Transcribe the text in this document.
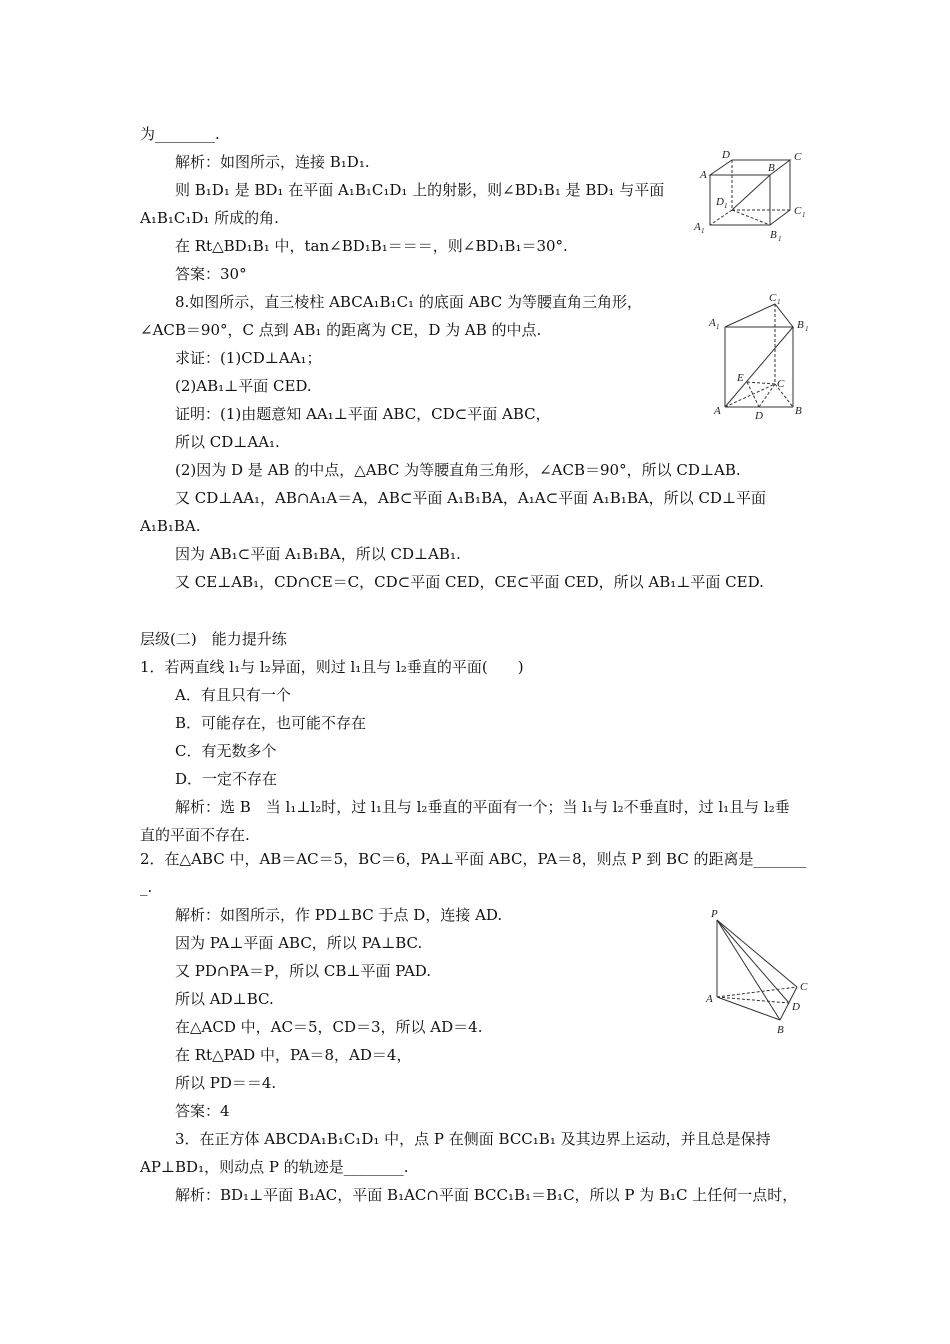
为________.
解析：如图所示，连接 B₁D₁.
则 B₁D₁ 是 BD₁ 在平面 A₁B₁C₁D₁ 上的射影，则∠BD₁B₁ 是 BD₁ 与平面
A₁B₁C₁D₁ 所成的角.
在 Rt△BD₁B₁ 中，tan∠BD₁B₁＝＝＝，则∠BD₁B₁＝30°.
答案：30°
8.如图所示，直三棱柱 ABCA₁B₁C₁ 的底面 ABC 为等腰直角三角形，
∠ACB＝90°，C 点到 AB₁ 的距离为 CE，D 为 AB 的中点.
求证：(1)CD⊥AA₁；
(2)AB₁⊥平面 CED.
证明：(1)由题意知 AA₁⊥平面 ABC，CD⊂平面 ABC，
所以 CD⊥AA₁.
(2)因为 D 是 AB 的中点，△ABC 为等腰直角三角形，∠ACB＝90°，所以 CD⊥AB.
又 CD⊥AA₁，AB∩A₁A＝A，AB⊂平面 A₁B₁BA，A₁A⊂平面 A₁B₁BA，所以 CD⊥平面
A₁B₁BA.
因为 AB₁⊂平面 A₁B₁BA，所以 CD⊥AB₁.
又 CE⊥AB₁，CD∩CE＝C，CD⊂平面 CED，CE⊂平面 CED，所以 AB₁⊥平面 CED.
层级(二)　能力提升练
1．若两直线 l₁与 l₂异面，则过 l₁且与 l₂垂直的平面(　　)
A．有且只有一个
B．可能存在，也可能不存在
C．有无数多个
D．一定不存在
解析：选 B　当 l₁⊥l₂时，过 l₁且与 l₂垂直的平面有一个；当 l₁与 l₂不垂直时，过 l₁且与 l₂垂
直的平面不存在.
2．在△ABC 中，AB＝AC＝5，BC＝6，PA⊥平面 ABC，PA＝8，则点 P 到 BC 的距离是_______
_.
解析：如图所示，作 PD⊥BC 于点 D，连接 AD.
因为 PA⊥平面 ABC，所以 PA⊥BC.
又 PD∩PA＝P，所以 CB⊥平面 PAD.
所以 AD⊥BC.
在△ACD 中，AC＝5，CD＝3，所以 AD＝4.
在 Rt△PAD 中，PA＝8，AD＝4，
所以 PD＝＝4.
答案：4
3．在正方体 ABCDA₁B₁C₁D₁ 中，点 P 在侧面 BCC₁B₁ 及其边界上运动，并且总是保持
AP⊥BD₁，则动点 P 的轨迹是________.
解析：BD₁⊥平面 B₁AC，平面 B₁AC∩平面 BCC₁B₁＝B₁C，所以 P 为 B₁C 上任何一点时，
D	C
A
B
D 1	C 1
A 1	B 1
C 1
A 1	B 1
E	C
A	D	B
P
A
C
D
B
